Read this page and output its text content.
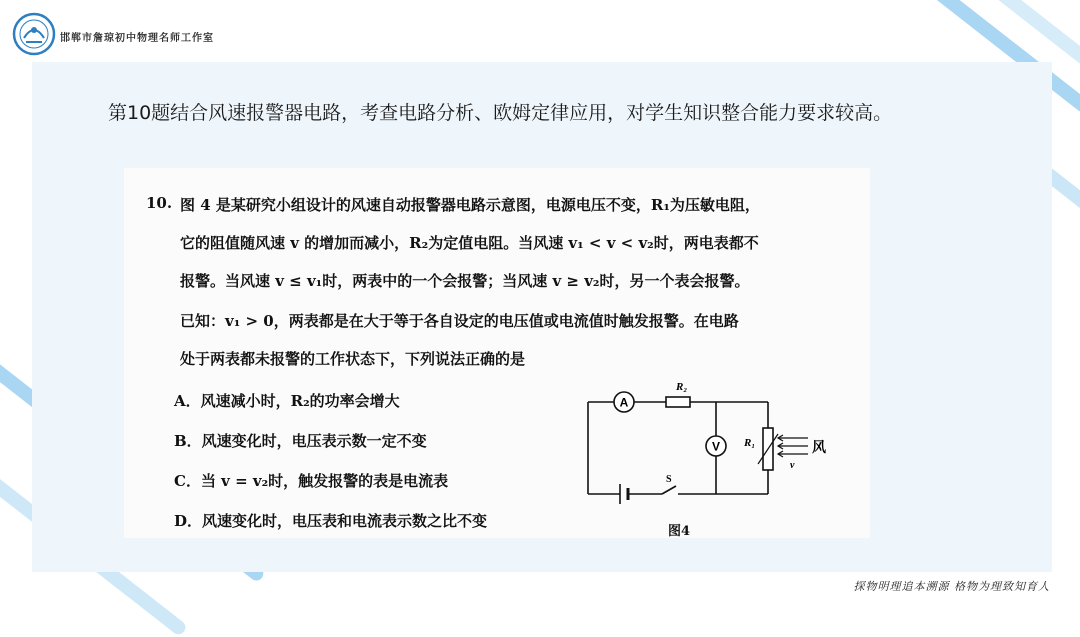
邯郸市詹琼初中物理名师工作室
第10题结合风速报警器电路，考查电路分析、欧姆定律应用，对学生知识整合能力要求较高。
10. 图 4 是某研究小组设计的风速自动报警器电路示意图，电源电压不变，R₁为压敏电阻，
它的阻值随风速 v 的增加而减小，R₂为定值电阻。当风速 v₁ < v < v₂时，两电表都不
报警。当风速 v ≤ v₁时，两表中的一个会报警；当风速 v ≥ v₂时，另一个表会报警。
已知：v₁ > 0，两表都是在大于等于各自设定的电压值或电流值时触发报警。在电路
处于两表都未报警的工作状态下，下列说法正确的是
A．风速减小时，R₂的功率会增大
B．风速变化时，电压表示数一定不变
C．当 v = v₂时，触发报警的表是电流表
D．风速变化时，电压表和电流表示数之比不变
A
R₂
V R₁	风
v
S
图4
探物明理追本溯源 格物为理致知育人
